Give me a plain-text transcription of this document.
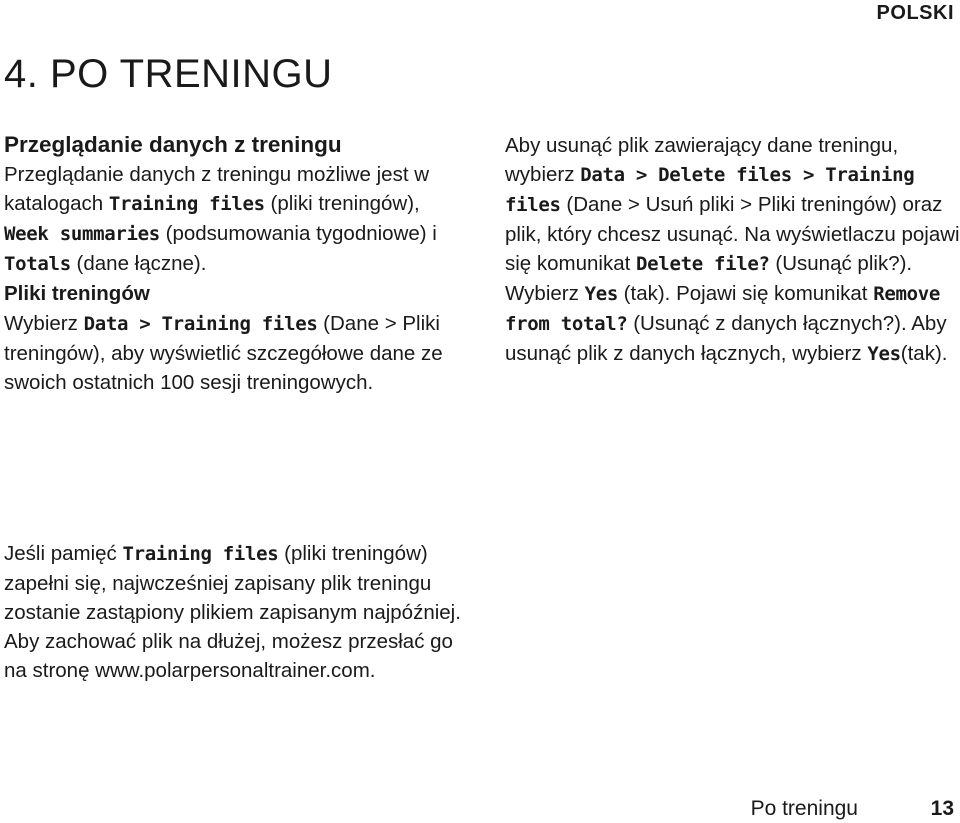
POLSKI
4. PO TRENINGU

Przeglądanie danych z treningu

Przeglądanie danych z treningu możliwe jest w katalogach Training files (pliki treningów), Week summaries (podsumowania tygodniowe) i Totals (dane łączne).

Pliki treningów

Wybierz Data > Training files (Dane > Pliki treningów), aby wyświetlić szczegółowe dane ze swoich ostatnich 100 sesji treningowych.

Jeśli pamięć Training files (pliki treningów) zapełni się, najwcześniej zapisany plik treningu zostanie zastąpiony plikiem zapisanym najpóźniej. Aby zachować plik na dłużej, możesz przesłać go na stronę www.polarpersonaltrainer.com.

Aby usunąć plik zawierający dane treningu, wybierz Data > Delete files > Training files (Dane > Usuń pliki > Pliki treningów) oraz plik, który chcesz usunąć. Na wyświetlaczu pojawi się komunikat Delete file? (Usunąć plik?). Wybierz Yes (tak). Pojawi się komunikat Remove from total? (Usunąć z danych łącznych?). Aby usunąć plik z danych łącznych, wybierz Yes(tak).

Po treningu	13
